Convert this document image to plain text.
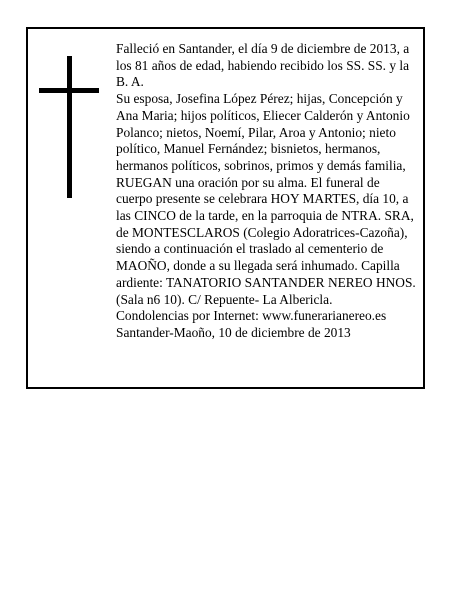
Falleció en Santander, el día 9 de diciembre de 2013, a los 81 años de edad, habiendo recibido los SS. SS. y la B. A.

Su esposa, Josefina López Pérez; hijas, Concepción y Ana Maria; hijos políticos, Eliecer Calderón y Antonio Polanco; nietos, Noemí, Pilar, Aroa y Antonio; nieto político, Manuel Fernández; bisnietos, hermanos, hermanos políticos, sobrinos, primos y demás familia, RUEGAN una oración por su alma. El funeral de cuerpo presente se celebrara HOY MARTES, día 10, a las CINCO de la tarde, en la parroquia de NTRA. SRA, de MONTESCLAROS (Colegio Adoratrices-Cazoña), siendo a continuación el traslado al cementerio de MAOÑO, donde a su llegada será inhumado. Capilla ardiente: TANATORIO SANTANDER NEREO HNOS. (Sala n6 10). C/ Repuente- La Albericla.

Condolencias por Internet: www.funerarianereo.es

Santander-Maoño, 10 de diciembre de 2013
